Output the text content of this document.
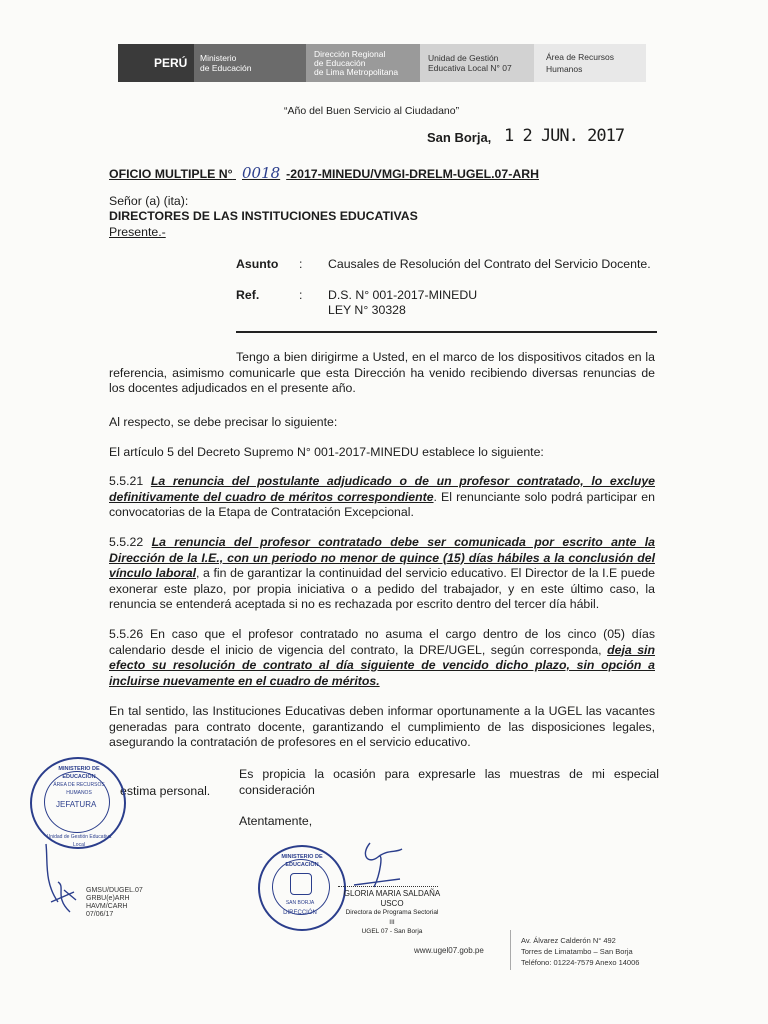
PERÚ Ministerio
de Educación
Dirección Regional
de Educación
de Lima Metropolitana
Unidad de Gestión
Educativa Local N° 07
Área de Recursos
Humanos
“Año del Buen Servicio al Ciudadano”
San Borja, 1 2 JUN. 2017
OFICIO MULTIPLE N° 0018 -2017-MINEDU/VMGI-DRELM-UGEL.07-ARH
Señor (a) (ita):
DIRECTORES DE LAS INSTITUCIONES EDUCATIVAS
Presente.-
Asunto : Causales de Resolución del Contrato del Servicio Docente.
Ref.	: D.S. N° 001-2017-MINEDU
LEY N° 30328
Tengo a bien dirigirme a Usted, en el marco de los dispositivos citados en la referencia, asimismo comunicarle que esta Dirección ha venido recibiendo diversas renuncias de los docentes adjudicados en el presente año.
Al respecto, se debe precisar lo siguiente:
El artículo 5 del Decreto Supremo N° 001-2017-MINEDU establece lo siguiente:
5.5.21 La renuncia del postulante adjudicado o de un profesor contratado, lo excluye definitivamente del cuadro de méritos correspondiente. El renunciante solo podrá participar en convocatorias de la Etapa de Contratación Excepcional.
5.5.22 La renuncia del profesor contratado debe ser comunicada por escrito ante la Dirección de la I.E., con un periodo no menor de quince (15) días hábiles a la conclusión del vínculo laboral, a fin de garantizar la continuidad del servicio educativo. El Director de la I.E puede exonerar este plazo, por propia iniciativa o a pedido del trabajador, y en este último caso, la renuncia se entenderá aceptada si no es rechazada por escrito dentro del tercer día hábil.
5.5.26 En caso que el profesor contratado no asuma el cargo dentro de los cinco (05) días calendario desde el inicio de vigencia del contrato, la DRE/UGEL, según corresponda, deja sin efecto su resolución de contrato al día siguiente de vencido dicho plazo, sin opción a incluirse nuevamente en el cuadro de méritos.
En tal sentido, las Instituciones Educativas deben informar oportunamente a la UGEL las vacantes generadas para contrato docente, garantizando el cumplimiento de las disposiciones legales, asegurando la contratación de profesores en el servicio educativo.
Es propicia la ocasión para expresarle las muestras de mi especial consideración
estima personal.
Atentamente,
MINISTERIO DE EDUCACIÓN
ÁREA DE RECURSOS HUMANOS
JEFATURA
Unidad de Gestión Educativa Local
GMSU/DUGEL.07
GRBU(e)ARH
HAVM/CARH
07/06/17
MINISTERIO DE EDUCACIÓN
SAN BORJA
DIRECCIÓN
GLORIA MARIA SALDAÑA USCO
Directora de Programa Sectorial III
UGEL 07 - San Borja
www.ugel07.gob.pe
Av. Álvarez Calderón N° 492
Torres de Limatambo – San Borja
Teléfono: 01224-7579 Anexo 14006
